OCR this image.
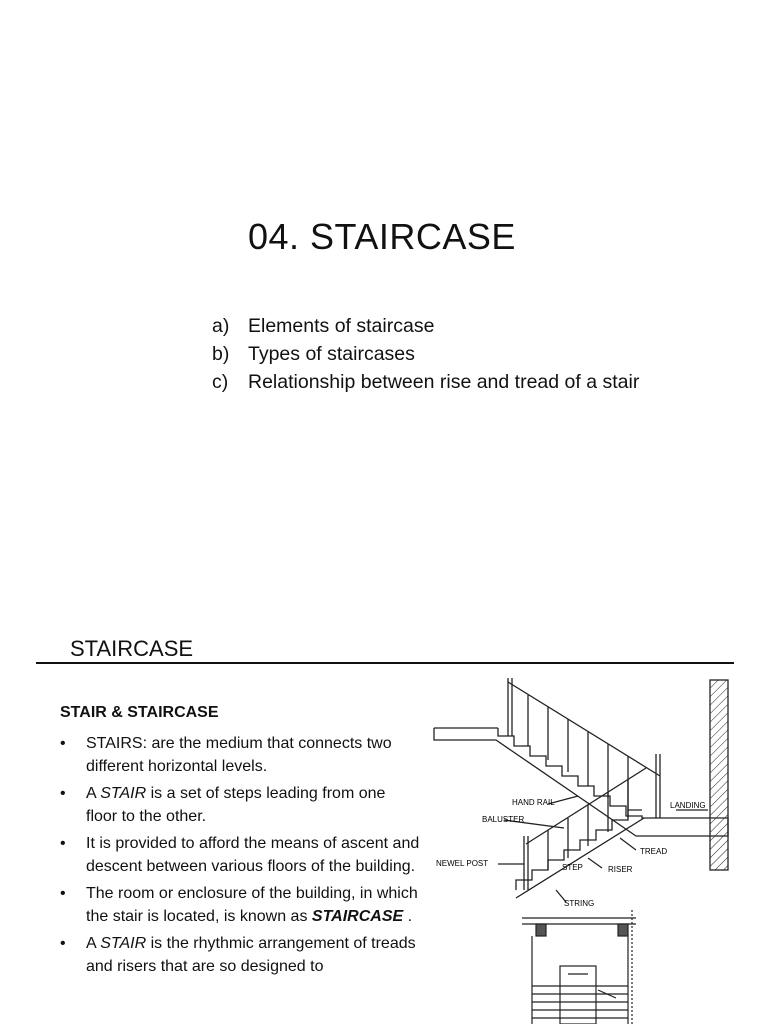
04. STAIRCASE
a) Elements of staircase
b) Types of staircases
c)	Relationship between rise and tread of a stair
STAIRCASE

STAIR & STAIRCASE

• STAIRS: are the medium that connects two different horizontal levels.
• A STAIR is a set of steps leading from one floor to the other.
• It is provided to afford the means of ascent and descent between various floors of the building.
• The room or enclosure of the building, in which the stair is located, is known as STAIRCASE .
• A STAIR is the rhythmic arrangement of treads and risers that are so designed to
HAND RAIL
BALUSTER
LANDING
TREAD
NEWEL POST	STEP	RISER
STRING
